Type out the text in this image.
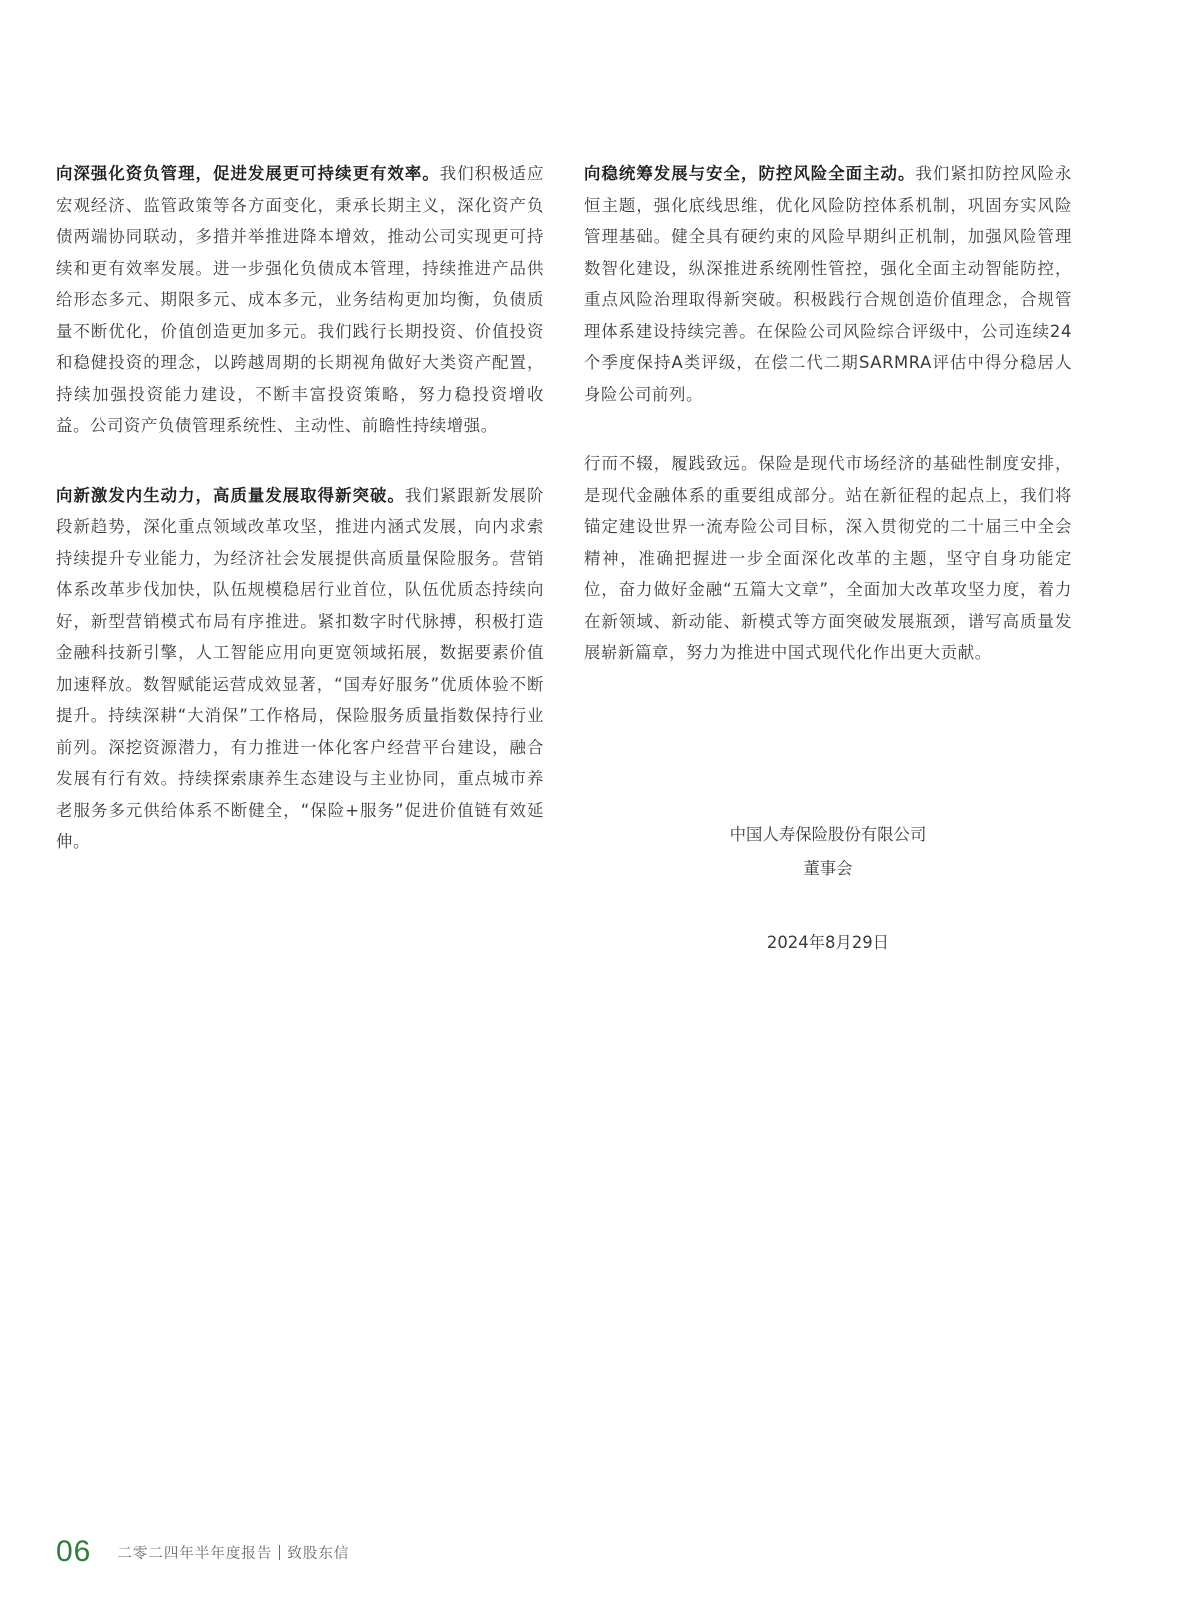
向深强化资负管理，促进发展更可持续更有效率。我们积极适应宏观经济、监管政策等各方面变化，秉承长期主义，深化资产负债两端协同联动，多措并举推进降本增效，推动公司实现更可持续和更有效率发展。进一步强化负债成本管理，持续推进产品供给形态多元、期限多元、成本多元，业务结构更加均衡，负债质量不断优化，价值创造更加多元。我们践行长期投资、价值投资和稳健投资的理念，以跨越周期的长期视角做好大类资产配置，持续加强投资能力建设，不断丰富投资策略，努力稳投资增收益。公司资产负债管理系统性、主动性、前瞻性持续增强。

向新激发内生动力，高质量发展取得新突破。我们紧跟新发展阶段新趋势，深化重点领域改革攻坚，推进内涵式发展，向内求索持续提升专业能力，为经济社会发展提供高质量保险服务。营销体系改革步伐加快，队伍规模稳居行业首位，队伍优质态持续向好，新型营销模式布局有序推进。紧扣数字时代脉搏，积极打造金融科技新引擎，人工智能应用向更宽领域拓展，数据要素价值加速释放。数智赋能运营成效显著，“国寿好服务”优质体验不断提升。持续深耕“大消保”工作格局，保险服务质量指数保持行业前列。深挖资源潜力，有力推进一体化客户经营平台建设，融合发展有行有效。持续探索康养生态建设与主业协同，重点城市养老服务多元供给体系不断健全，“保险+服务”促进价值链有效延伸。

向稳统筹发展与安全，防控风险全面主动。我们紧扣防控风险永恒主题，强化底线思维，优化风险防控体系机制，巩固夯实风险管理基础。健全具有硬约束的风险早期纠正机制，加强风险管理数智化建设，纵深推进系统刚性管控，强化全面主动智能防控，重点风险治理取得新突破。积极践行合规创造价值理念，合规管理体系建设持续完善。在保险公司风险综合评级中，公司连续24个季度保持A类评级，在偿二代二期SARMRA评估中得分稳居人身险公司前列。

行而不辍，履践致远。保险是现代市场经济的基础性制度安排，是现代金融体系的重要组成部分。站在新征程的起点上，我们将锚定建设世界一流寿险公司目标，深入贯彻党的二十届三中全会精神，准确把握进一步全面深化改革的主题，坚守自身功能定位，奋力做好金融“五篇大文章”，全面加大改革攻坚力度，着力在新领域、新动能、新模式等方面突破发展瓶颈，谱写高质量发展崭新篇章，努力为推进中国式现代化作出更大贡献。

中国人寿保险股份有限公司
董事会
2024年8月29日
06 二零二四年半年度报告 致股东信
